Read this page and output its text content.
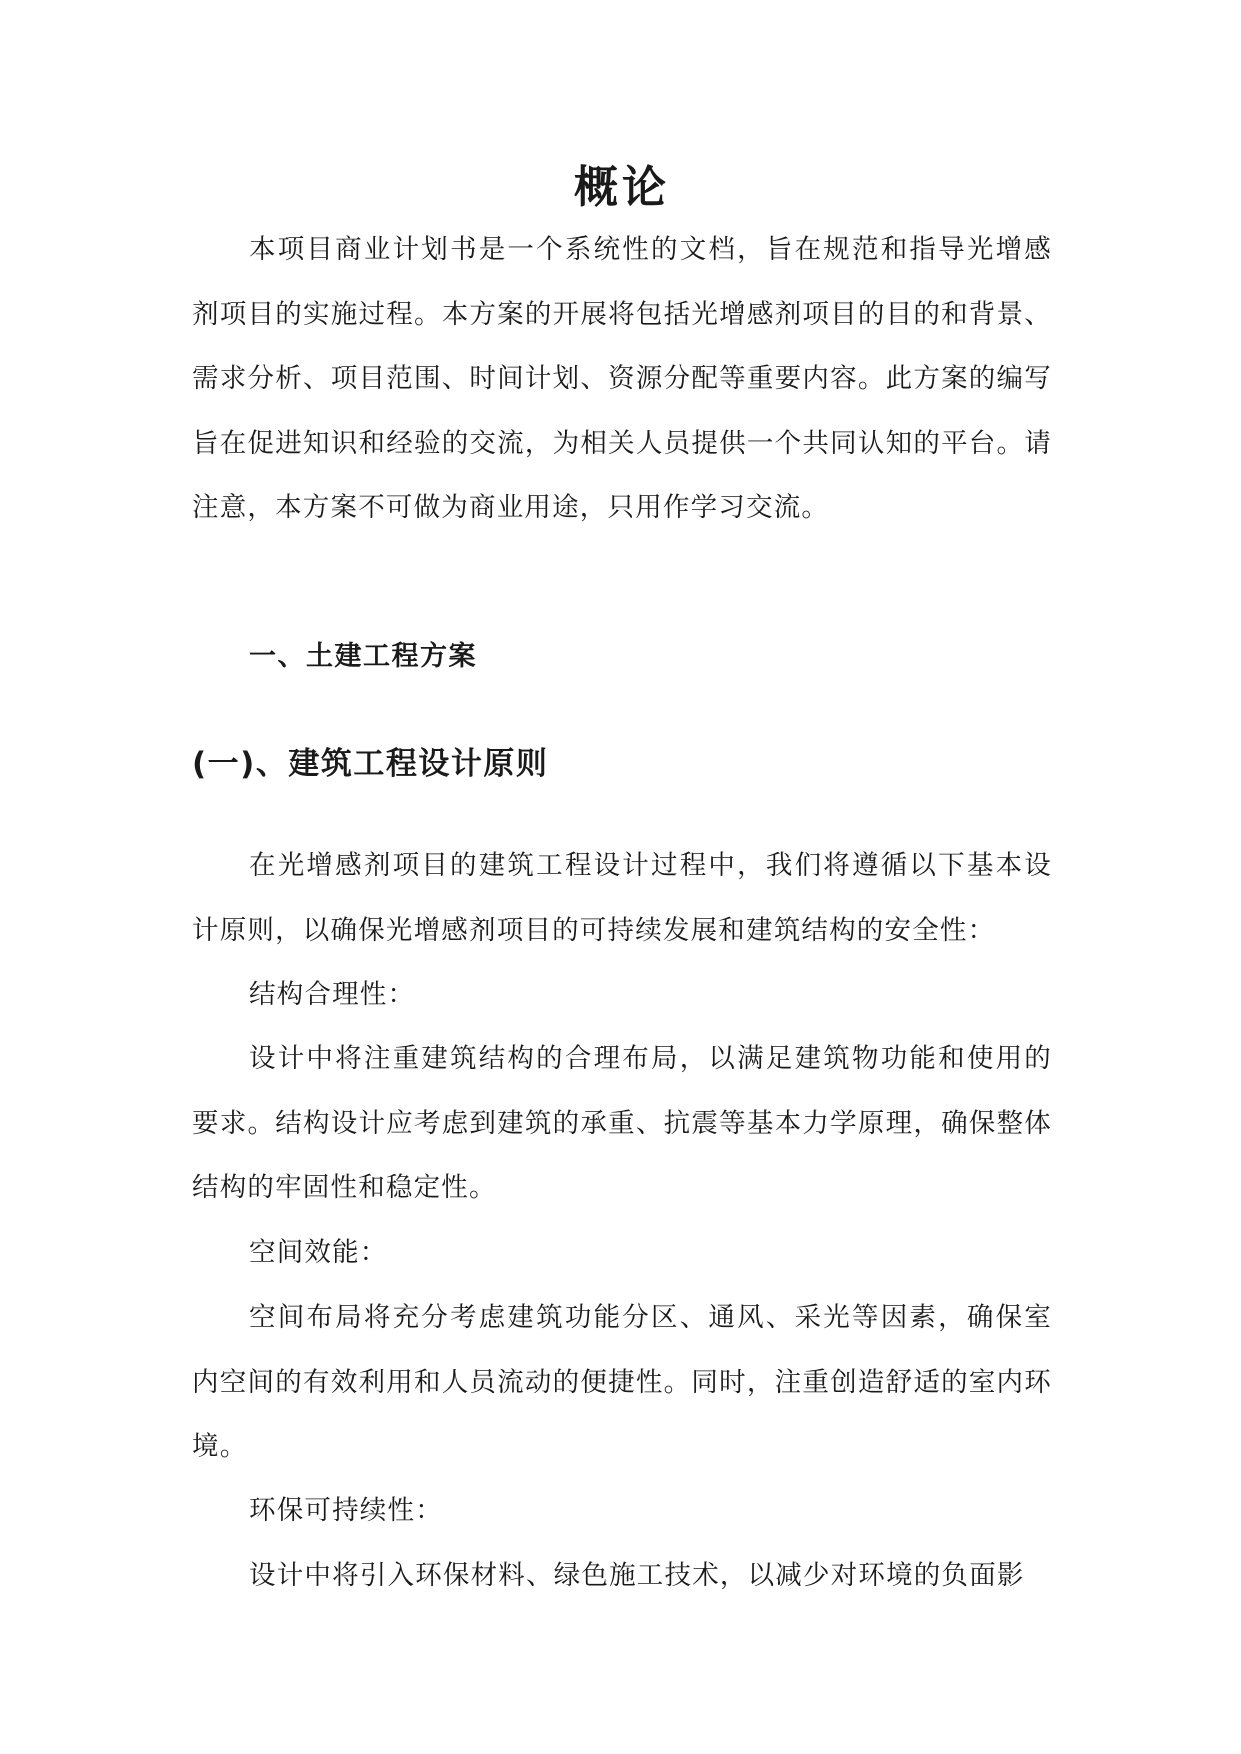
概论

本项目商业计划书是一个系统性的文档，旨在规范和指导光增感剂项目的实施过程。本方案的开展将包括光增感剂项目的目的和背景、需求分析、项目范围、时间计划、资源分配等重要内容。此方案的编写旨在促进知识和经验的交流，为相关人员提供一个共同认知的平台。请注意，本方案不可做为商业用途，只用作学习交流。

一、土建工程方案
(一)、建筑工程设计原则

在光增感剂项目的建筑工程设计过程中，我们将遵循以下基本设计原则，以确保光增感剂项目的可持续发展和建筑结构的安全性：

结构合理性：

设计中将注重建筑结构的合理布局，以满足建筑物功能和使用的要求。结构设计应考虑到建筑的承重、抗震等基本力学原理，确保整体结构的牢固性和稳定性。

空间效能：

空间布局将充分考虑建筑功能分区、通风、采光等因素，确保室内空间的有效利用和人员流动的便捷性。同时，注重创造舒适的室内环境。

环保可持续性：

设计中将引入环保材料、绿色施工技术，以减少对环境的负面影
